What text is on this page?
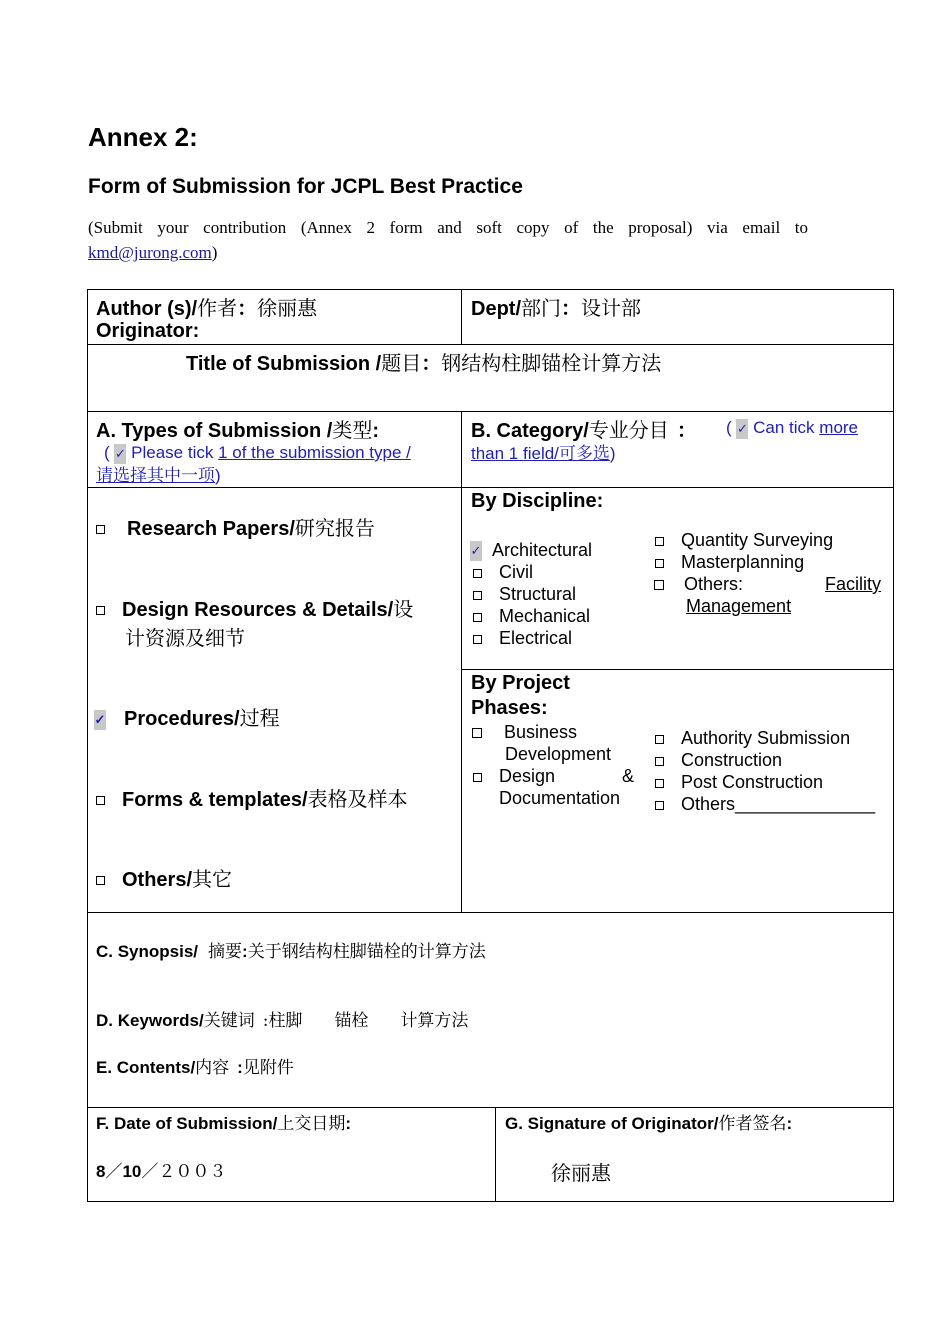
Annex 2:
Form of Submission for JCPL Best Practice
(Submit your contribution (Annex 2 form and soft copy of the proposal) via email to
kmd@jurong.com)
Author (s)/作者：徐丽惠
Originator:
Dept/部门：设计部
Title of Submission /题目：钢结构柱脚锚栓计算方法
A. Types of Submission /类型:
( ✓ Please tick 1 of the submission type /
请选择其中一项)
B. Category/专业分目 ： ( ✓ Can tick more
than 1 field/可多选)
Research Papers/研究报告
Design Resources & Details/设
计资源及细节
✓ Procedures/过程
Forms & templates/表格及样本
Others/其它
By Discipline:
✓ Architectural
Civil
Structural
Mechanical
Electrical
Quantity Surveying
Masterplanning
Others:	Facility
Management
By Project
Phases:
Business
Development
Design	&
Documentation
Authority Submission
Construction
Post Construction
Others______________
C. Synopsis/ 摘要:关于钢结构柱脚锚栓的计算方法
D. Keywords/关键词 :柱脚 锚栓 计算方法
E. Contents/内容 :见附件
F. Date of Submission/上交日期:
8／10／２００３
G. Signature of Originator/作者签名:
徐丽惠
